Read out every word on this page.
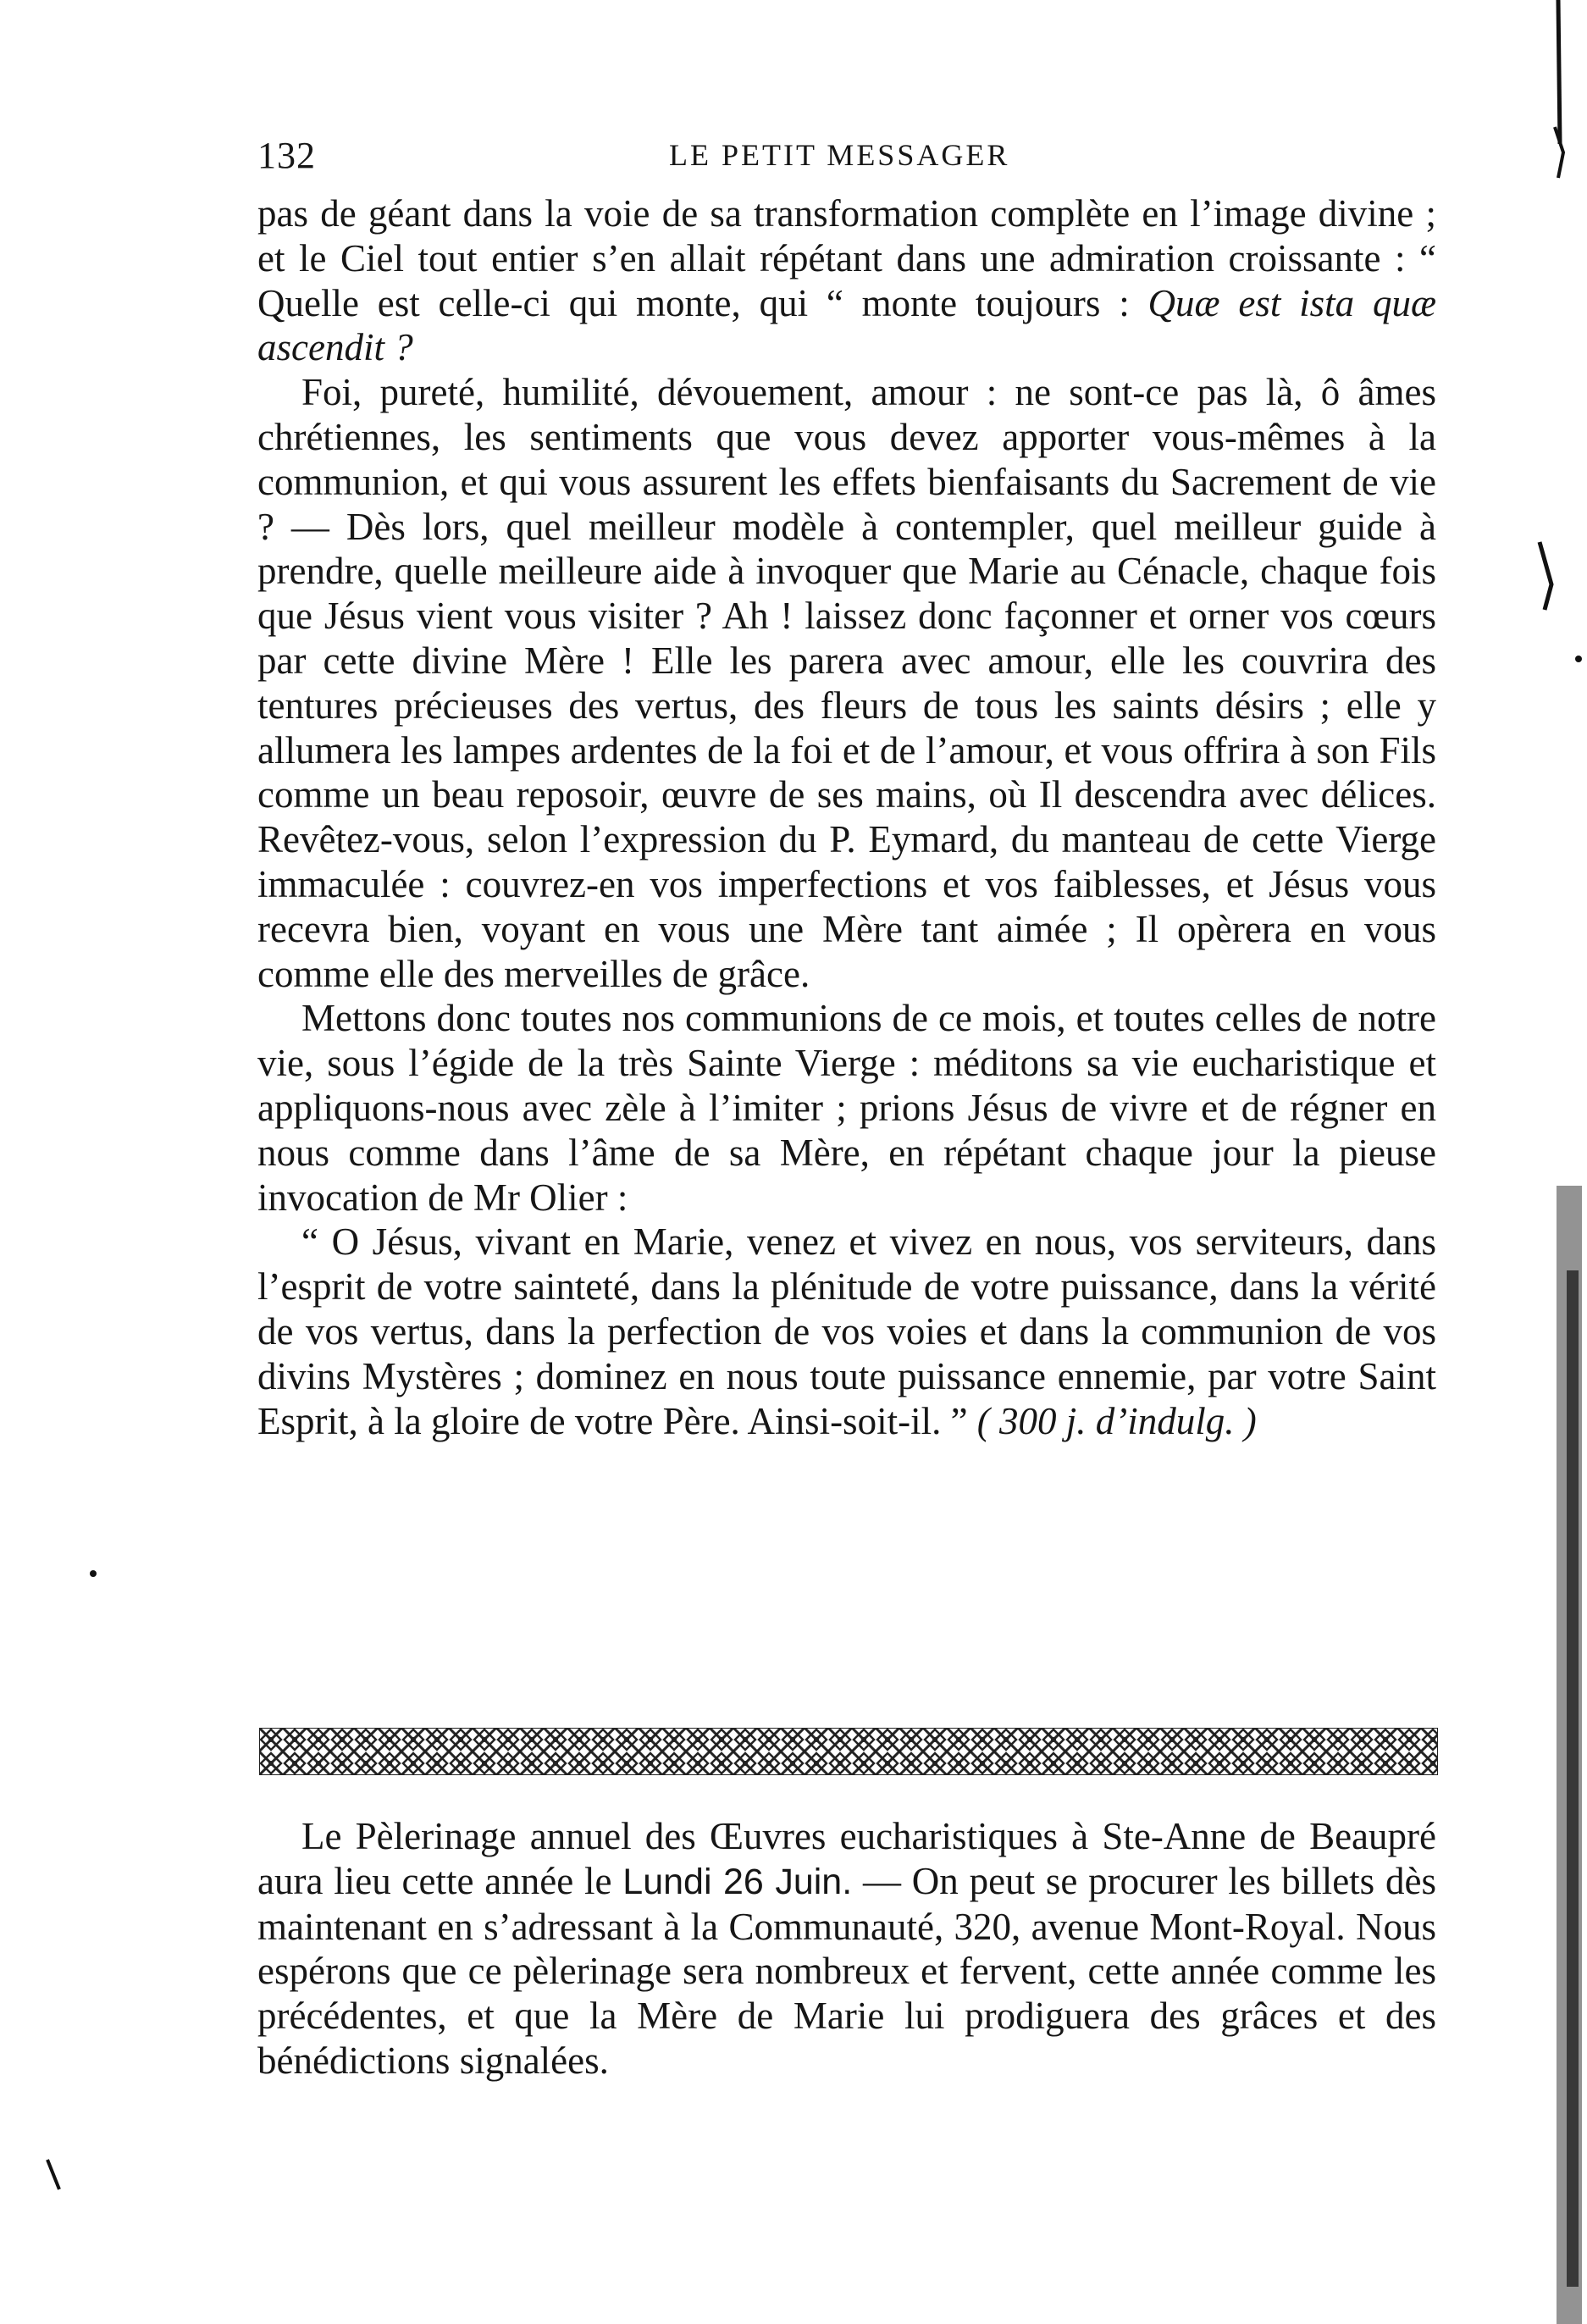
132	LE PETIT MESSAGER

pas de géant dans la voie de sa transformation complète en l’image divine ; et le Ciel tout entier s’en allait répétant dans une admiration croissante : “ Quelle est celle-ci qui monte, qui “ monte toujours : Quæ est ista quæ ascendit ?

Foi, pureté, humilité, dévouement, amour : ne sont-ce pas là, ô âmes chrétiennes, les sentiments que vous devez apporter vous-mêmes à la communion, et qui vous assurent les effets bienfaisants du Sacrement de vie ? — Dès lors, quel meilleur modèle à contempler, quel meilleur guide à prendre, quelle meilleure aide à invoquer que Marie au Cénacle, chaque fois que Jésus vient vous visiter ? Ah ! laissez donc façonner et orner vos cœurs par cette divine Mère ! Elle les parera avec amour, elle les couvrira des tentures précieuses des vertus, des fleurs de tous les saints désirs ; elle y allumera les lampes ardentes de la foi et de l’amour, et vous offrira à son Fils comme un beau reposoir, œuvre de ses mains, où Il descendra avec délices. Revêtez-vous, selon l’expression du P. Eymard, du manteau de cette Vierge immaculée : couvrez-en vos imperfections et vos faiblesses, et Jésus vous recevra bien, voyant en vous une Mère tant aimée ; Il opèrera en vous comme elle des merveilles de grâce.

Mettons donc toutes nos communions de ce mois, et toutes celles de notre vie, sous l’égide de la très Sainte Vierge : méditons sa vie eucharistique et appliquons-nous avec zèle à l’imiter ; prions Jésus de vivre et de régner en nous comme dans l’âme de sa Mère, en répétant chaque jour la pieuse invocation de Mr Olier :

“ O Jésus, vivant en Marie, venez et vivez en nous, vos serviteurs, dans l’esprit de votre sainteté, dans la plénitude de votre puissance, dans la vérité de vos vertus, dans la perfection de vos voies et dans la communion de vos divins Mystères ; dominez en nous toute puissance ennemie, par votre Saint Esprit, à la gloire de votre Père. Ainsi-soit-il. ” ( 300 j. d’indulg. )

Le Pèlerinage annuel des Œuvres eucharistiques à Ste-Anne de Beaupré aura lieu cette année le Lundi 26 Juin. — On peut se procurer les billets dès maintenant en s’adressant à la Communauté, 320, avenue Mont-Royal. Nous espérons que ce pèlerinage sera nombreux et fervent, cette année comme les précédentes, et que la Mère de Marie lui prodiguera des grâces et des bénédictions signalées.
